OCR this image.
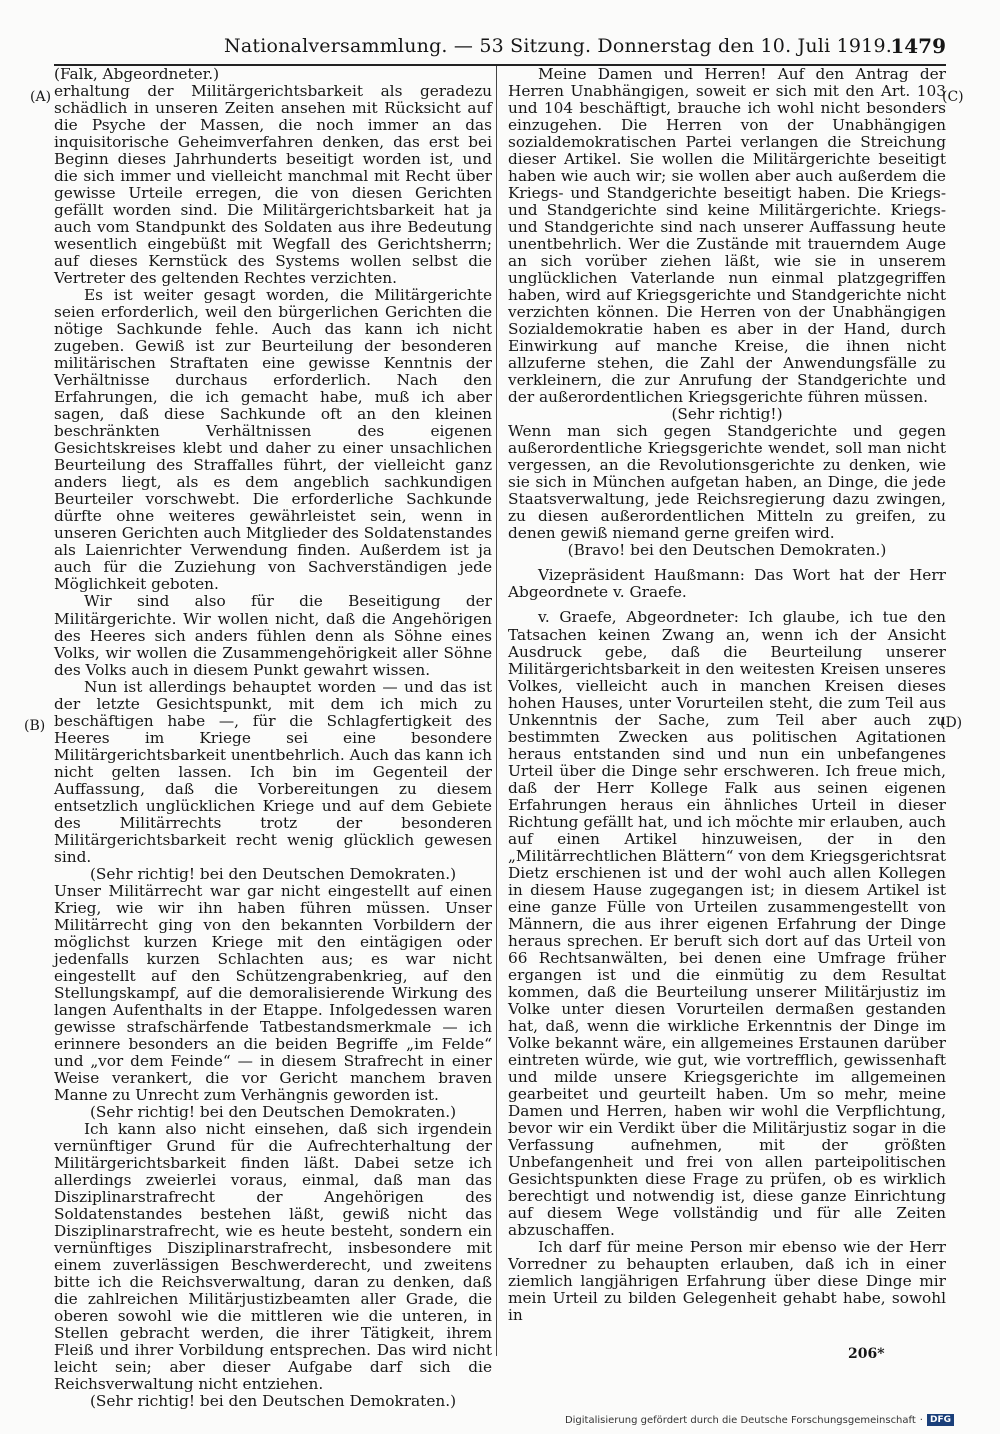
Nationalversammlung. — 53 Sitzung. Donnerstag den 10. Juli 1919.
1479
(A)
(B)
(C)
(D)

(Falk, Abgeordneter.)

erhaltung der Militärgerichtsbarkeit als geradezu schädlich in unseren Zeiten ansehen mit Rücksicht auf die Psyche der Massen, die noch immer an das inquisitorische Geheimverfahren denken, das erst bei Beginn dieses Jahrhunderts beseitigt worden ist, und die sich immer und vielleicht manchmal mit Recht über gewisse Urteile erregen, die von diesen Gerichten gefällt worden sind. Die Militärgerichtsbarkeit hat ja auch vom Standpunkt des Soldaten aus ihre Bedeutung wesentlich eingebüßt mit Wegfall des Gerichtsherrn; auf dieses Kernstück des Systems wollen selbst die Vertreter des geltenden Rechtes verzichten.

Es ist weiter gesagt worden, die Militärgerichte seien erforderlich, weil den bürgerlichen Gerichten die nötige Sachkunde fehle. Auch das kann ich nicht zugeben. Gewiß ist zur Beurteilung der besonderen militärischen Straftaten eine gewisse Kenntnis der Verhältnisse durchaus erforderlich. Nach den Erfahrungen, die ich gemacht habe, muß ich aber sagen, daß diese Sachkunde oft an den kleinen beschränkten Verhältnissen des eigenen Gesichtskreises klebt und daher zu einer unsachlichen Beurteilung des Straffalles führt, der vielleicht ganz anders liegt, als es dem angeblich sachkundigen Beurteiler vorschwebt. Die erforderliche Sachkunde dürfte ohne weiteres gewährleistet sein, wenn in unseren Gerichten auch Mitglieder des Soldatenstandes als Laienrichter Verwendung finden. Außerdem ist ja auch für die Zuziehung von Sachverständigen jede Möglichkeit geboten.

Wir sind also für die Beseitigung der Militärgerichte. Wir wollen nicht, daß die Angehörigen des Heeres sich anders fühlen denn als Söhne eines Volks, wir wollen die Zusammengehörigkeit aller Söhne des Volks auch in diesem Punkt gewahrt wissen.

Nun ist allerdings behauptet worden — und das ist der letzte Gesichtspunkt, mit dem ich mich zu beschäftigen habe —, für die Schlagfertigkeit des Heeres im Kriege sei eine besondere Militärgerichtsbarkeit unentbehrlich. Auch das kann ich nicht gelten lassen. Ich bin im Gegenteil der Auffassung, daß die Vorbereitungen zu diesem entsetzlich unglücklichen Kriege und auf dem Gebiete des Militärrechts trotz der besonderen Militärgerichtsbarkeit recht wenig glücklich gewesen sind.

(Sehr richtig! bei den Deutschen Demokraten.)

Unser Militärrecht war gar nicht eingestellt auf einen Krieg, wie wir ihn haben führen müssen. Unser Militärrecht ging von den bekannten Vorbildern der möglichst kurzen Kriege mit den eintägigen oder jedenfalls kurzen Schlachten aus; es war nicht eingestellt auf den Schützengrabenkrieg, auf den Stellungskampf, auf die demoralisierende Wirkung des langen Aufenthalts in der Etappe. Infolgedessen waren gewisse strafschärfende Tatbestandsmerkmale — ich erinnere besonders an die beiden Begriffe „im Felde“ und „vor dem Feinde“ — in diesem Strafrecht in einer Weise verankert, die vor Gericht manchem braven Manne zu Unrecht zum Verhängnis geworden ist.

(Sehr richtig! bei den Deutschen Demokraten.)

Ich kann also nicht einsehen, daß sich irgendein vernünftiger Grund für die Aufrechterhaltung der Militärgerichtsbarkeit finden läßt. Dabei setze ich allerdings zweierlei voraus, einmal, daß man das Disziplinarstrafrecht der Angehörigen des Soldatenstandes bestehen läßt, gewiß nicht das Disziplinarstrafrecht, wie es heute besteht, sondern ein vernünftiges Disziplinarstrafrecht, insbesondere mit einem zuverlässigen Beschwerderecht, und zweitens bitte ich die Reichsverwaltung, daran zu denken, daß die zahlreichen Militärjustizbeamten aller Grade, die oberen sowohl wie die mittleren wie die unteren, in Stellen gebracht werden, die ihrer Tätigkeit, ihrem Fleiß und ihrer Vorbildung entsprechen. Das wird nicht leicht sein; aber dieser Aufgabe darf sich die Reichsverwaltung nicht entziehen.

(Sehr richtig! bei den Deutschen Demokraten.)

Meine Damen und Herren! Auf den Antrag der Herren Unabhängigen, soweit er sich mit den Art. 103 und 104 beschäftigt, brauche ich wohl nicht besonders einzugehen. Die Herren von der Unabhängigen sozialdemokratischen Partei verlangen die Streichung dieser Artikel. Sie wollen die Militärgerichte beseitigt haben wie auch wir; sie wollen aber auch außerdem die Kriegs- und Standgerichte beseitigt haben. Die Kriegs- und Standgerichte sind keine Militärgerichte. Kriegs- und Standgerichte sind nach unserer Auffassung heute unentbehrlich. Wer die Zustände mit trauerndem Auge an sich vorüber ziehen läßt, wie sie in unserem unglücklichen Vaterlande nun einmal platzgegriffen haben, wird auf Kriegsgerichte und Standgerichte nicht verzichten können. Die Herren von der Unabhängigen Sozialdemokratie haben es aber in der Hand, durch Einwirkung auf manche Kreise, die ihnen nicht allzuferne stehen, die Zahl der Anwendungsfälle zu verkleinern, die zur Anrufung der Standgerichte und der außerordentlichen Kriegsgerichte führen müssen.

(Sehr richtig!)

Wenn man sich gegen Standgerichte und gegen außerordentliche Kriegsgerichte wendet, soll man nicht vergessen, an die Revolutionsgerichte zu denken, wie sie sich in München aufgetan haben, an Dinge, die jede Staatsverwaltung, jede Reichsregierung dazu zwingen, zu diesen außerordentlichen Mitteln zu greifen, zu denen gewiß niemand gerne greifen wird.

(Bravo! bei den Deutschen Demokraten.)

Vizepräsident Haußmann: Das Wort hat der Herr Abgeordnete v. Graefe.

v. Graefe, Abgeordneter: Ich glaube, ich tue den Tatsachen keinen Zwang an, wenn ich der Ansicht Ausdruck gebe, daß die Beurteilung unserer Militärgerichtsbarkeit in den weitesten Kreisen unseres Volkes, vielleicht auch in manchen Kreisen dieses hohen Hauses, unter Vorurteilen steht, die zum Teil aus Unkenntnis der Sache, zum Teil aber auch zu bestimmten Zwecken aus politischen Agitationen heraus entstanden sind und nun ein unbefangenes Urteil über die Dinge sehr erschweren. Ich freue mich, daß der Herr Kollege Falk aus seinen eigenen Erfahrungen heraus ein ähnliches Urteil in dieser Richtung gefällt hat, und ich möchte mir erlauben, auch auf einen Artikel hinzuweisen, der in den „Militärrechtlichen Blättern“ von dem Kriegsgerichtsrat Dietz erschienen ist und der wohl auch allen Kollegen in diesem Hause zugegangen ist; in diesem Artikel ist eine ganze Fülle von Urteilen zusammengestellt von Männern, die aus ihrer eigenen Erfahrung der Dinge heraus sprechen. Er beruft sich dort auf das Urteil von 66 Rechtsanwälten, bei denen eine Umfrage früher ergangen ist und die einmütig zu dem Resultat kommen, daß die Beurteilung unserer Militärjustiz im Volke unter diesen Vorurteilen dermaßen gestanden hat, daß, wenn die wirkliche Erkenntnis der Dinge im Volke bekannt wäre, ein allgemeines Erstaunen darüber eintreten würde, wie gut, wie vortrefflich, gewissenhaft und milde unsere Kriegsgerichte im allgemeinen gearbeitet und geurteilt haben. Um so mehr, meine Damen und Herren, haben wir wohl die Verpflichtung, bevor wir ein Verdikt über die Militärjustiz sogar in die Verfassung aufnehmen, mit der größten Unbefangenheit und frei von allen parteipolitischen Gesichtspunkten diese Frage zu prüfen, ob es wirklich berechtigt und notwendig ist, diese ganze Einrichtung auf diesem Wege vollständig und für alle Zeiten abzuschaffen.

Ich darf für meine Person mir ebenso wie der Herr Vorredner zu behaupten erlauben, daß ich in einer ziemlich langjährigen Erfahrung über diese Dinge mir mein Urteil zu bilden Gelegenheit gehabt habe, sowohl in

206*
Digitalisierung gefördert durch die Deutsche Forschungsgemeinschaft · DFG
